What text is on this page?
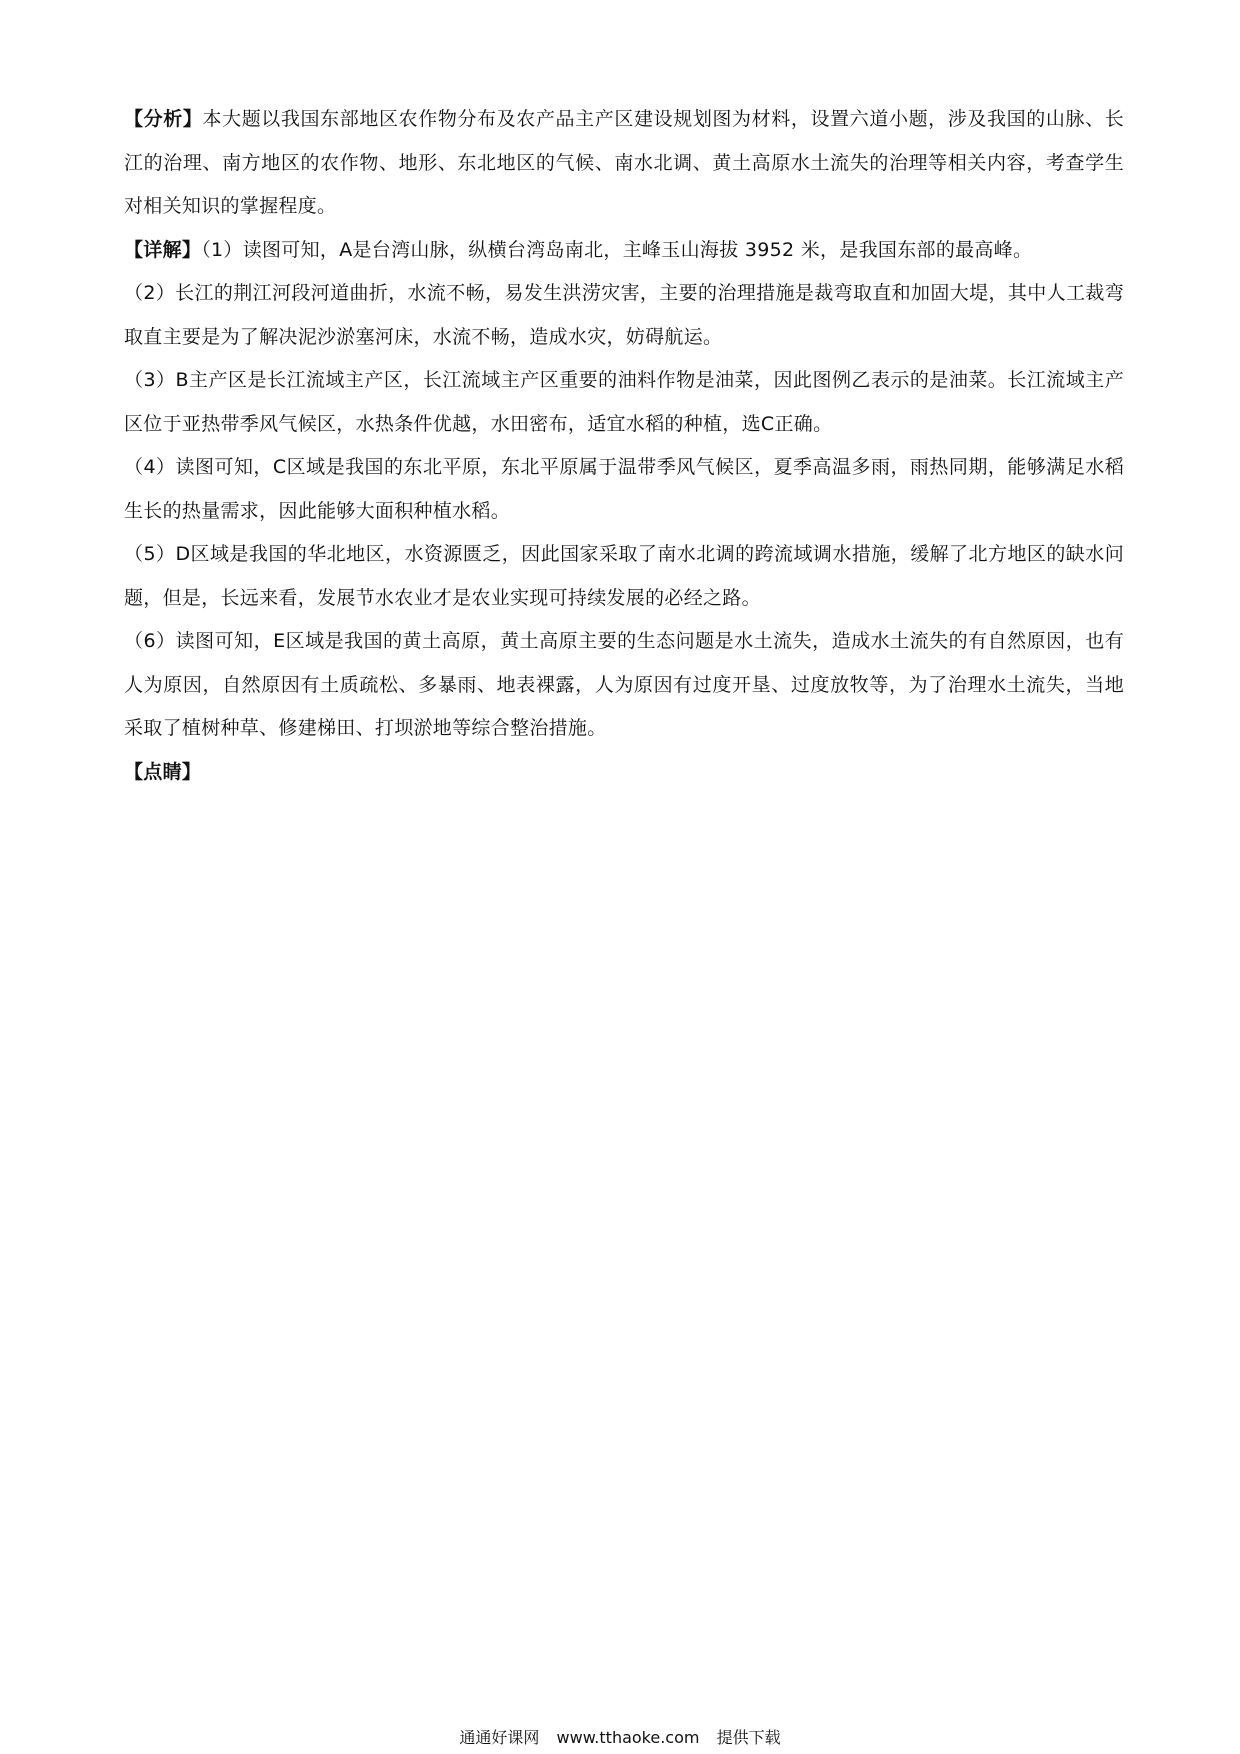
【分析】本大题以我国东部地区农作物分布及农产品主产区建设规划图为材料，设置六道小题，涉及我国的山脉、长江的治理、南方地区的农作物、地形、东北地区的气候、南水北调、黄土高原水土流失的治理等相关内容，考查学生对相关知识的掌握程度。

【详解】（1）读图可知，A是台湾山脉，纵横台湾岛南北，主峰玉山海拔 3952 米，是我国东部的最高峰。

（2）长江的荆江河段河道曲折，水流不畅，易发生洪涝灾害，主要的治理措施是裁弯取直和加固大堤，其中人工裁弯取直主要是为了解决泥沙淤塞河床，水流不畅，造成水灾，妨碍航运。

（3）B主产区是长江流域主产区，长江流域主产区重要的油料作物是油菜，因此图例乙表示的是油菜。长江流域主产区位于亚热带季风气候区，水热条件优越，水田密布，适宜水稻的种植，选C正确。

（4）读图可知，C区域是我国的东北平原，东北平原属于温带季风气候区，夏季高温多雨，雨热同期，能够满足水稻生长的热量需求，因此能够大面积种植水稻。

（5）D区域是我国的华北地区，水资源匮乏，因此国家采取了南水北调的跨流域调水措施，缓解了北方地区的缺水问题，但是，长远来看，发展节水农业才是农业实现可持续发展的必经之路。

（6）读图可知，E区域是我国的黄土高原，黄土高原主要的生态问题是水土流失，造成水土流失的有自然原因，也有人为原因，自然原因有土质疏松、多暴雨、地表裸露，人为原因有过度开垦、过度放牧等，为了治理水土流失，当地采取了植树种草、修建梯田、打坝淤地等综合整治措施。

【点睛】

通通好课网 www.tthaoke.com 提供下载
